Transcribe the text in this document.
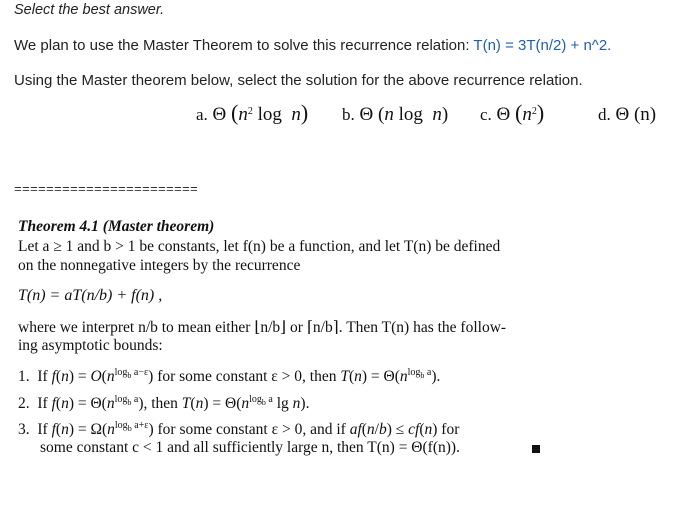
Select the best answer.
We plan to use the Master Theorem to solve this recurrence relation: T(n) = 3T(n/2) + n^2.
Using the Master theorem below, select the solution for the above recurrence relation.
a. Θ ($n^2$ log  n) b. Θ (n log  n) c. Θ $(n^2)$	d. Θ (n)
=======================
Theorem 4.1 (Master theorem)
Let a ≥ 1 and b > 1 be constants, let f(n) be a function, and let T(n) be defined
on the nonnegative integers by the recurrence
T(n) = aT(n/b) + f(n) ,
where we interpret n/b to mean either ⌊n/b⌋ or ⌈n/b⌉. Then T(n) has the follow-
ing asymptotic bounds:
1.  If $f(n) = O(n^{log_b a-\varepsilon})$ for some constant ε > 0, then $T(n) = \Theta(n^{log_b a})$.
2.  If $f(n) = \Theta(n^{log_b a})$, then $T(n) = \Theta(n^{log_b a}$ lg n).
3.  If $f(n) = \Omega(n^{log_b a+\varepsilon})$ for some constant ε > 0, and if af(n/b) ≤ cf(n) for
some constant c < 1 and all sufficiently large n, then T(n) = Θ(f(n)).
